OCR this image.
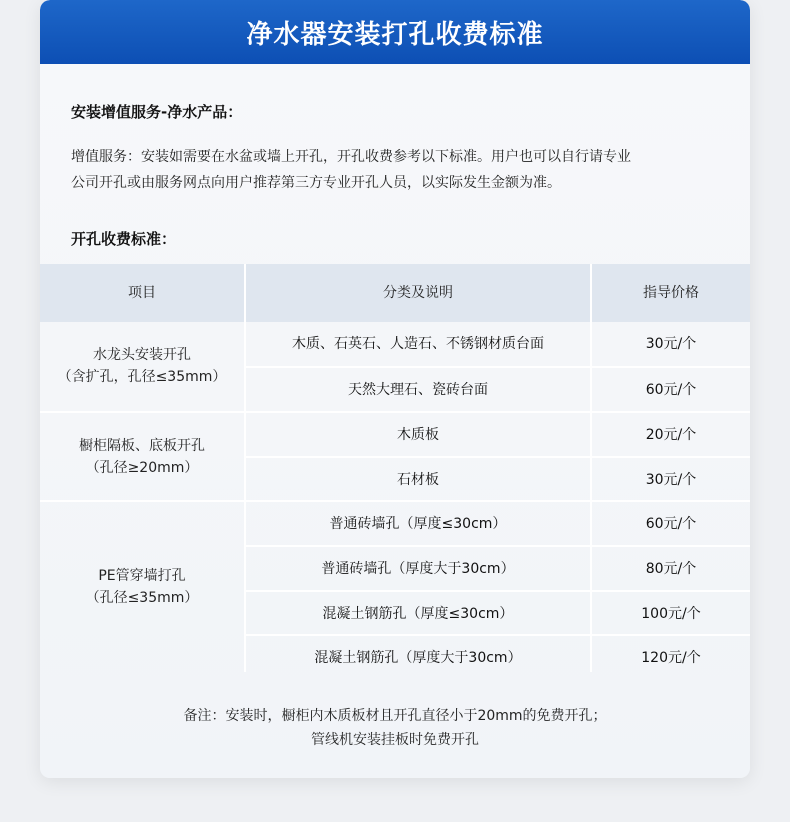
净水器安装打孔收费标准
安装增值服务-净水产品：
增值服务：安装如需要在水盆或墙上开孔，开孔收费参考以下标准。用户也可以自行请专业
公司开孔或由服务网点向用户推荐第三方专业开孔人员，以实际发生金额为准。
开孔收费标准：
项目	分类及说明	指导价格
水龙头安装开孔
（含扩孔，孔径≤35mm）
木质、石英石、人造石、不锈钢材质台面	30元/个
天然大理石、瓷砖台面	60元/个
橱柜隔板、底板开孔
（孔径≥20mm）
木质板	20元/个
石材板	30元/个
PE管穿墙打孔
（孔径≤35mm）
普通砖墙孔（厚度≤30cm）	60元/个
普通砖墙孔（厚度大于30cm）	80元/个
混凝土钢筋孔（厚度≤30cm）	100元/个
混凝土钢筋孔（厚度大于30cm）	120元/个
备注：安装时，橱柜内木质板材且开孔直径小于20mm的免费开孔；
管线机安装挂板时免费开孔
